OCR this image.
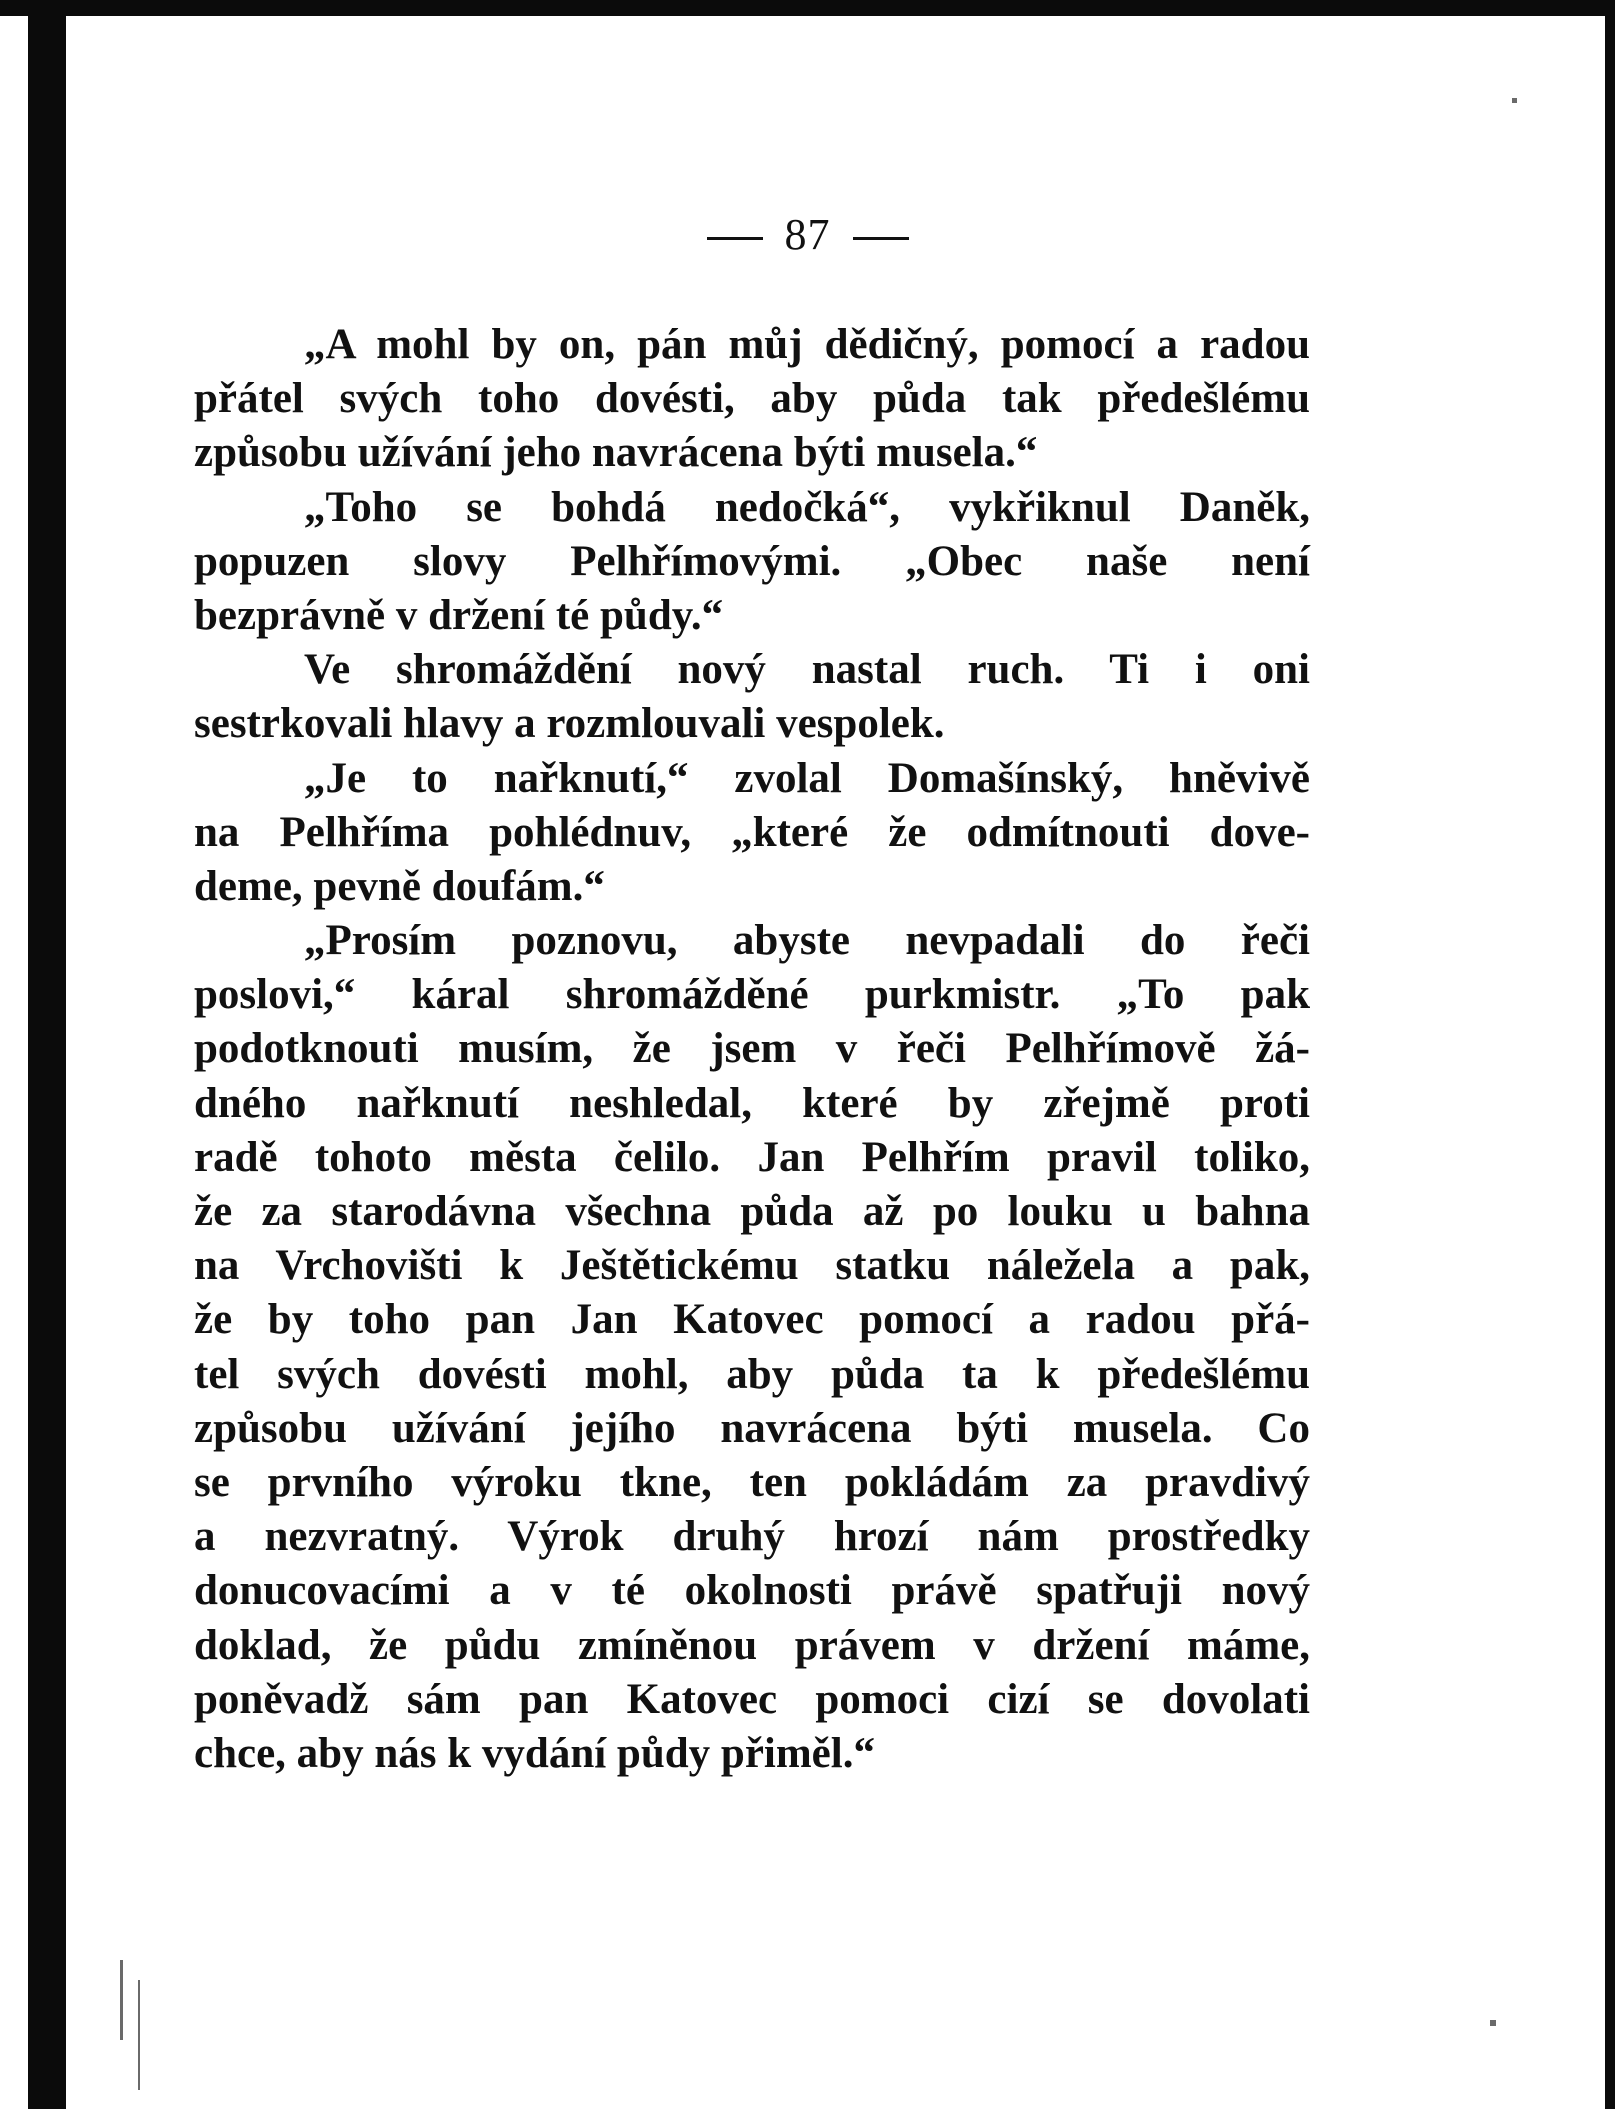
87
„A mohl by on, pán můj dědičný, pomocí a radou
přátel svých toho dovésti, aby půda tak předešlému
způsobu užívání jeho navrácena býti musela.“
„Toho se bohdá nedočká“, vykřiknul Daněk,
popuzen slovy Pelhřímovými. „Obec naše není
bezprávně v držení té půdy.“
Ve shromáždění nový nastal ruch. Ti i oni
sestrkovali hlavy a rozmlouvali vespolek.
„Je to nařknutí,“ zvolal Domašínský, hněvivě
na Pelhříma pohlédnuv, „které že odmítnouti dove-
deme, pevně doufám.“
„Prosím poznovu, abyste nevpadali do řeči
poslovi,“ káral shromážděné purkmistr. „To pak
podotknouti musím, že jsem v řeči Pelhřímově žá-
dného nařknutí neshledal, které by zřejmě proti
radě tohoto města čelilo. Jan Pelhřím pravil toliko,
že za starodávna všechna půda až po louku u bahna
na Vrchovišti k Ještětickému statku náležela a pak,
že by toho pan Jan Katovec pomocí a radou přá-
tel svých dovésti mohl, aby půda ta k předešlému
způsobu užívání jejího navrácena býti musela. Co
se prvního výroku tkne, ten pokládám za pravdivý
a nezvratný. Výrok druhý hrozí nám prostředky
donucovacími a v té okolnosti právě spatřuji nový
doklad, že půdu zmíněnou právem v držení máme,
poněvadž sám pan Katovec pomoci cizí se dovolati
chce, aby nás k vydání půdy přiměl.“
